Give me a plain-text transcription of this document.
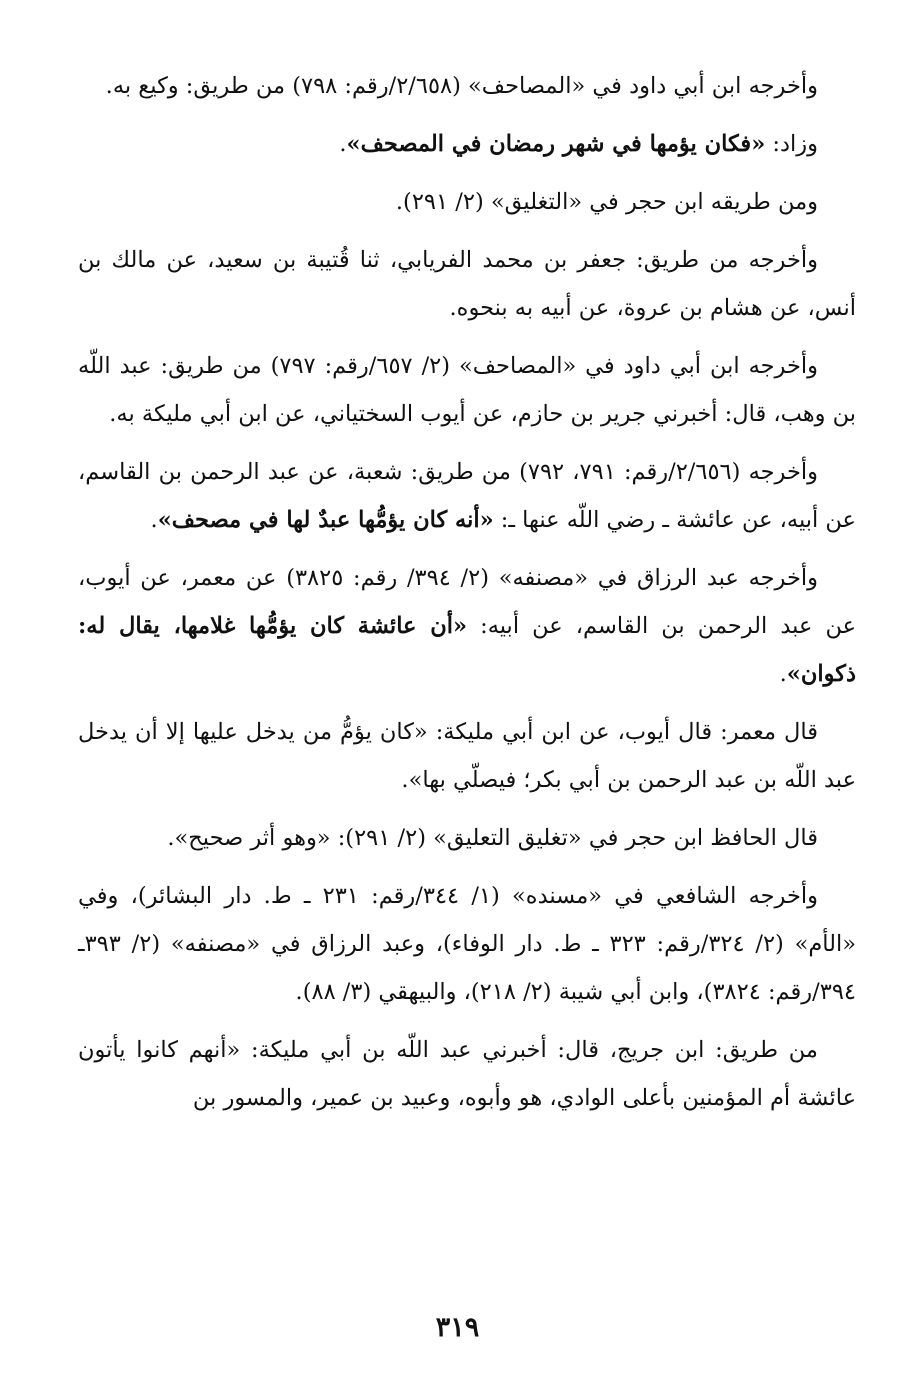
وأخرجه ابن أبي داود في «المصاحف» (٢/٦٥٨/رقم: ٧٩٨) من طريق: وكيع به.

وزاد: «فكان يؤمها في شهر رمضان في المصحف».

ومن طريقه ابن حجر في «التغليق» (٢/ ٢٩١).

وأخرجه من طريق: جعفر بن محمد الفريابي، ثنا قُتيبة بن سعيد، عن مالك بن أنس، عن هشام بن عروة، عن أبيه به بنحوه.

وأخرجه ابن أبي داود في «المصاحف» (٢/ ٦٥٧/رقم: ٧٩٧) من طريق: عبد اللّه بن وهب، قال: أخبرني جرير بن حازم، عن أيوب السختياني، عن ابن أبي مليكة به.

وأخرجه (٢/٦٥٦/رقم: ٧٩١، ٧٩٢) من طريق: شعبة، عن عبد الرحمن بن القاسم، عن أبيه، عن عائشة ـ رضي اللّه عنها ـ: «أنه كان يؤمُّها عبدٌ لها في مصحف».

وأخرجه عبد الرزاق في «مصنفه» (٢/ ٣٩٤/ رقم: ٣٨٢٥) عن معمر، عن أيوب، عن عبد الرحمن بن القاسم، عن أبيه: «أن عائشة كان يؤمُّها غلامها، يقال له: ذكوان».

قال معمر: قال أيوب، عن ابن أبي مليكة: «كان يؤمُّ من يدخل عليها إلا أن يدخل عبد اللّه بن عبد الرحمن بن أبي بكر؛ فيصلّي بها».

قال الحافظ ابن حجر في «تغليق التعليق» (٢/ ٢٩١): «وهو أثر صحيح».

وأخرجه الشافعي في «مسنده» (١/ ٣٤٤/رقم: ٢٣١ ـ ط. دار البشائر)، وفي «الأم» (٢/ ٣٢٤/رقم: ٣٢٣ ـ ط. دار الوفاء)، وعبد الرزاق في «مصنفه» (٢/ ٣٩٣ـ ٣٩٤/رقم: ٣٨٢٤)، وابن أبي شيبة (٢/ ٢١٨)، والبيهقي (٣/ ٨٨).

من طريق: ابن جريج، قال: أخبرني عبد اللّه بن أبي مليكة: «أنهم كانوا يأتون عائشة أم المؤمنين بأعلى الوادي، هو وأبوه، وعبيد بن عمير، والمسور بن

٣١٩
